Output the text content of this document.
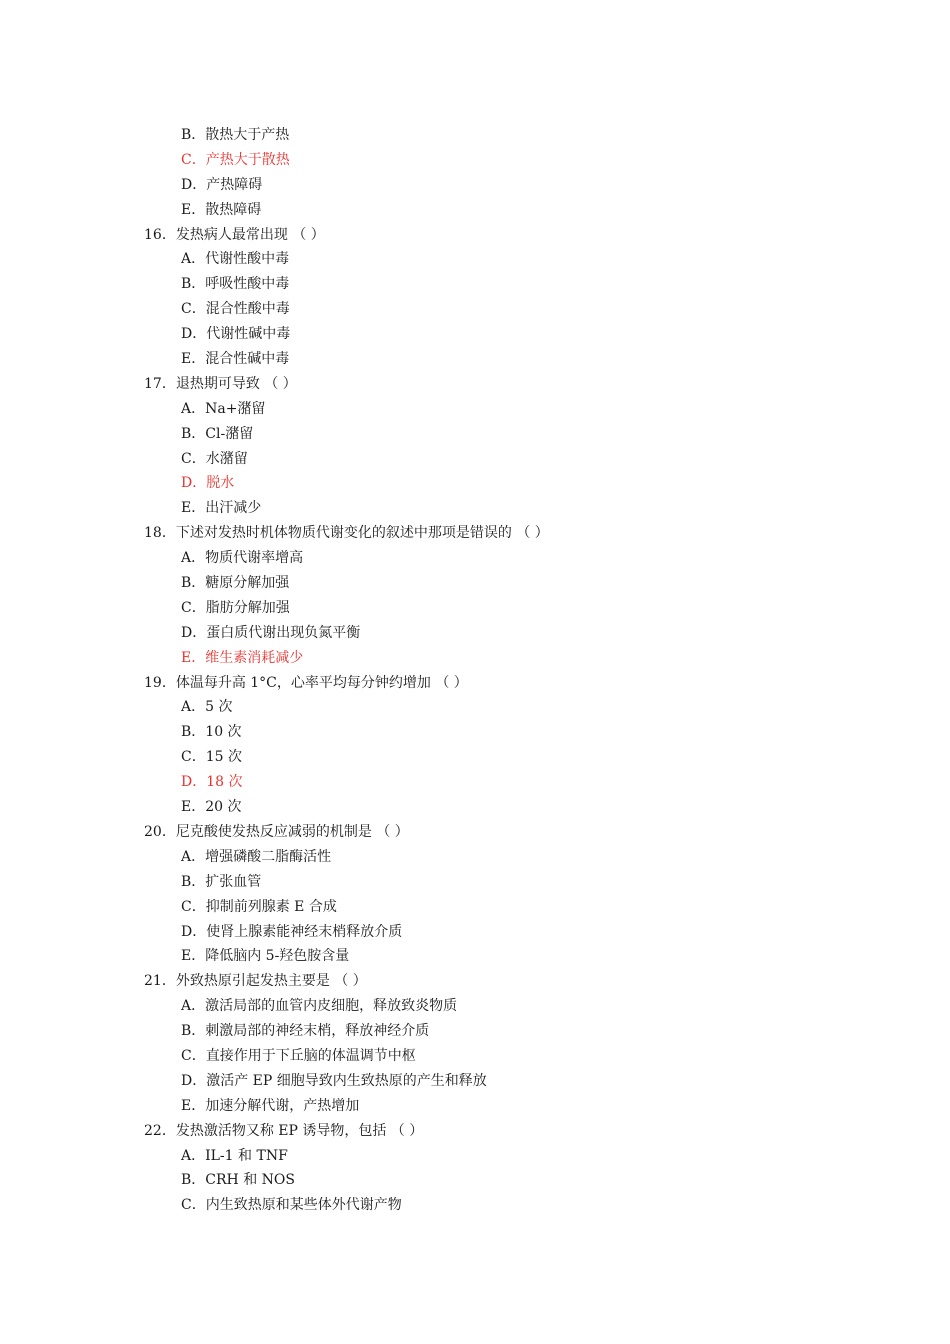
B．散热大于产热
C．产热大于散热
D．产热障碍
E．散热障碍
16．发热病人最常出现 （ ）
A．代谢性酸中毒
B．呼吸性酸中毒
C．混合性酸中毒
D．代谢性碱中毒
E．混合性碱中毒
17．退热期可导致 （ ）
A．Na+潴留
B．Cl-潴留
C．水潴留
D．脱水
E．出汗减少
18．下述对发热时机体物质代谢变化的叙述中那项是错误的 （ ）
A．物质代谢率增高
B．糖原分解加强
C．脂肪分解加强
D．蛋白质代谢出现负氮平衡
E．维生素消耗减少
19．体温每升高 1°C，心率平均每分钟约增加 （ ）
A．5 次
B．10 次
C．15 次
D．18 次
E．20 次
20．尼克酸使发热反应减弱的机制是 （ ）
A．增强磷酸二脂酶活性
B．扩张血管
C．抑制前列腺素 E 合成
D．使肾上腺素能神经末梢释放介质
E．降低脑内 5-羟色胺含量
21．外致热原引起发热主要是 （ ）
A．激活局部的血管内皮细胞，释放致炎物质
B．刺激局部的神经末梢，释放神经介质
C．直接作用于下丘脑的体温调节中枢
D．激活产 EP 细胞导致内生致热原的产生和释放
E．加速分解代谢，产热增加
22．发热激活物又称 EP 诱导物，包括 （ ）
A．IL-1 和 TNF
B．CRH 和 NOS
C．内生致热原和某些体外代谢产物
